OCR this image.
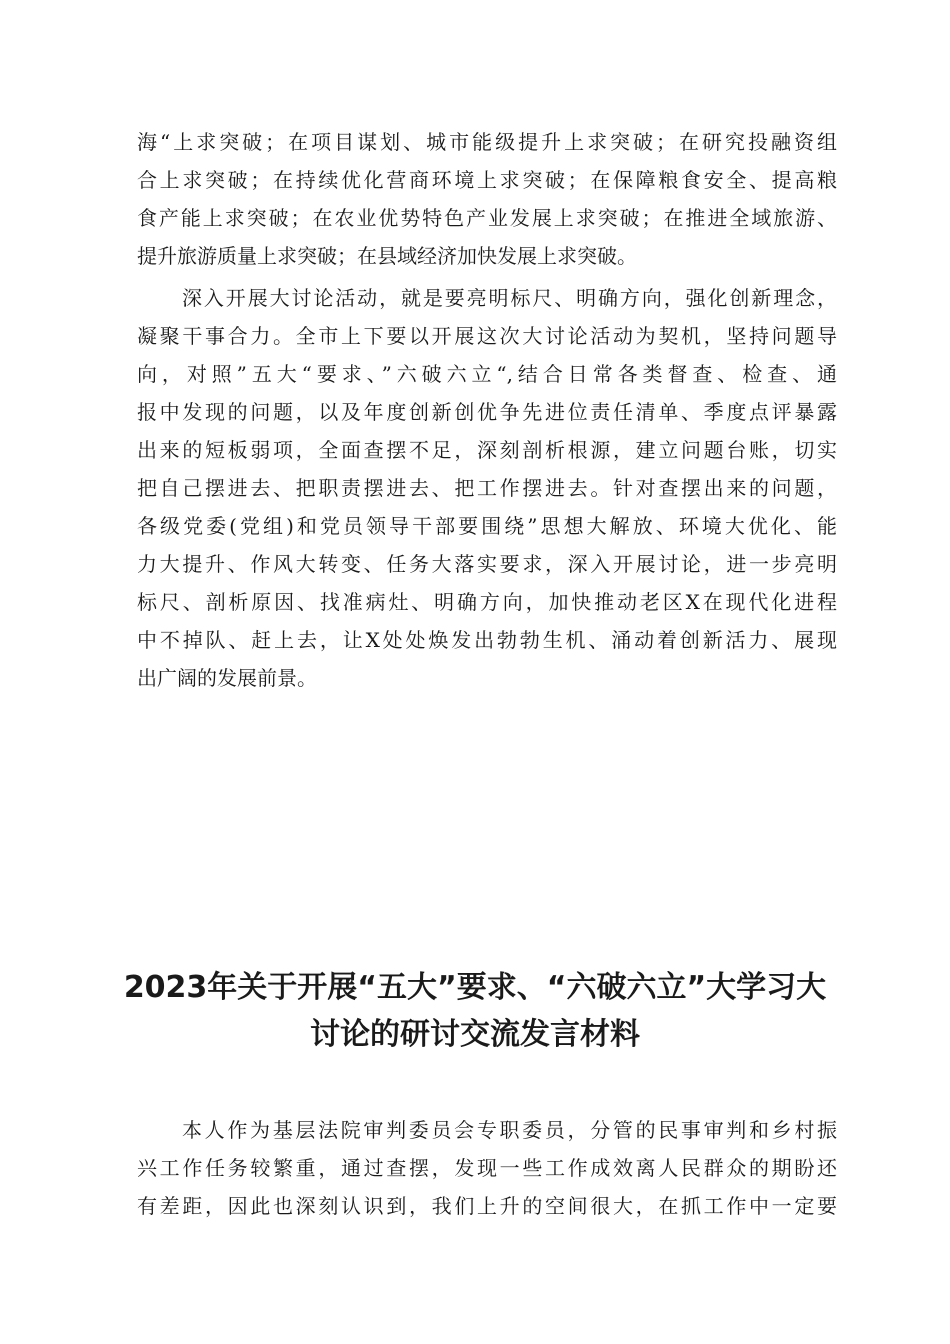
海“上求突破；在项目谋划、城市能级提升上求突破；在研究投融资组
合上求突破；在持续优化营商环境上求突破；在保障粮食安全、提高粮
食产能上求突破；在农业优势特色产业发展上求突破；在推进全域旅游、
提升旅游质量上求突破；在县域经济加快发展上求突破。
深入开展大讨论活动，就是要亮明标尺、明确方向，强化创新理念，
凝聚干事合力。全市上下要以开展这次大讨论活动为契机，坚持问题导
向，对照”五大“要求、”六破六立“,结合日常各类督查、检查、通
报中发现的问题，以及年度创新创优争先进位责任清单、季度点评暴露
出来的短板弱项，全面查摆不足，深刻剖析根源，建立问题台账，切实
把自己摆进去、把职责摆进去、把工作摆进去。针对查摆出来的问题，
各级党委(党组)和党员领导干部要围绕”思想大解放、环境大优化、能
力大提升、作风大转变、任务大落实要求，深入开展讨论，进一步亮明
标尺、剖析原因、找准病灶、明确方向，加快推动老区X在现代化进程
中不掉队、赶上去，让X处处焕发出勃勃生机、涌动着创新活力、展现
出广阔的发展前景。
2023年关于开展“五大”要求、“六破六立”大学习大
讨论的研讨交流发言材料
本人作为基层法院审判委员会专职委员，分管的民事审判和乡村振
兴工作任务较繁重，通过查摆，发现一些工作成效离人民群众的期盼还
有差距，因此也深刻认识到，我们上升的空间很大，在抓工作中一定要
